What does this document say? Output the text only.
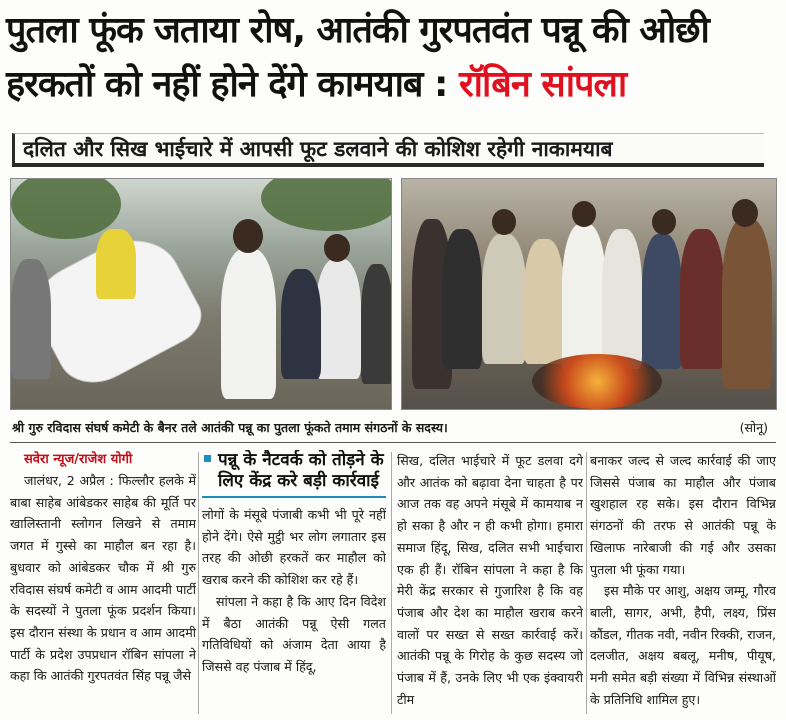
पुतला फूंक जताया रोष, आतंकी गुरपतवंत पन्नू की ओछी
हरकतों को नहीं होने देंगे कामयाब : रॉबिन सांपला
दलित और सिख भाईचारे में आपसी फूट डलवाने की कोशिश रहेगी नाकामयाब
श्री गुरु रविदास संघर्ष कमेटी के बैनर तले आतंकी पन्नू का पुतला फूंकते तमाम संगठनों के सदस्य।	(सोनू)
सवेरा न्यूज/राजेश योगी
जालंधर, 2 अप्रैल : फिल्लौर हलके में बाबा साहेब आंबेडकर साहेब की मूर्ति पर खालिस्तानी स्लोगन लिखने से तमाम जगत में गुस्से का माहौल बन रहा है। बुधवार को आंबेडकर चौक में श्री गुरु रविदास संघर्ष कमेटी व आम आदमी पार्टी के सदस्यों ने पुतला फूंक प्रदर्शन किया। इस दौरान संस्था के प्रधान व आम आदमी पार्टी के प्रदेश उपप्रधान रॉबिन सांपला ने कहा कि आतंकी गुरपतवंत सिंह पन्नू जैसे
पन्नू के नैटवर्क को तोड़ने के लिए केंद्र करे बड़ी कार्रवाई
लोगों के मंसूबे पंजाबी कभी भी पूरे नहीं होने देंगे। ऐसे मुट्ठी भर लोग लगातार इस तरह की ओछी हरकतें कर माहौल को खराब करने की कोशिश कर रहे हैं।
सांपला ने कहा है कि आए दिन विदेश में बैठा आतंकी पन्नू ऐसी गलत गतिविधियों को अंजाम देता आया है जिससे वह पंजाब में हिंदू,
सिख, दलित भाईचारे में फूट डलवा दगे और आतंक को बढ़ावा देना चाहता है पर आज तक वह अपने मंसूबे में कामयाब न हो सका है और न ही कभी होगा। हमारा समाज हिंदू, सिख, दलित सभी भाईचारा एक ही हैं। रॉबिन सांपला ने कहा है कि मेरी केंद्र सरकार से गुजारिश है कि वह पंजाब और देश का माहौल खराब करने वालों पर सख्त से सख्त कार्रवाई करें। आतंकी पन्नू के गिरोह के कुछ सदस्य जो पंजाब में हैं, उनके लिए भी एक इंक्वायरी टीम
बनाकर जल्द से जल्द कार्रवाई की जाए जिससे पंजाब का माहौल और पंजाब खुशहाल रह सके। इस दौरान विभिन्न संगठनों की तरफ से आतंकी पन्नू के खिलाफ नारेबाजी की गई और उसका पुतला भी फूंका गया।
इस मौके पर आशु, अक्षय जम्मू, गौरव बाली, सागर, अभी, हैपी, लक्ष्य, प्रिंस कौंडल, गीतक नवी, नवीन रिक्की, राजन, दलजीत, अक्षय बबलू, मनीष, पीयूष, मनी समेत बड़ी संख्या में विभिन्न संस्थाओं के प्रतिनिधि शामिल हुए।
